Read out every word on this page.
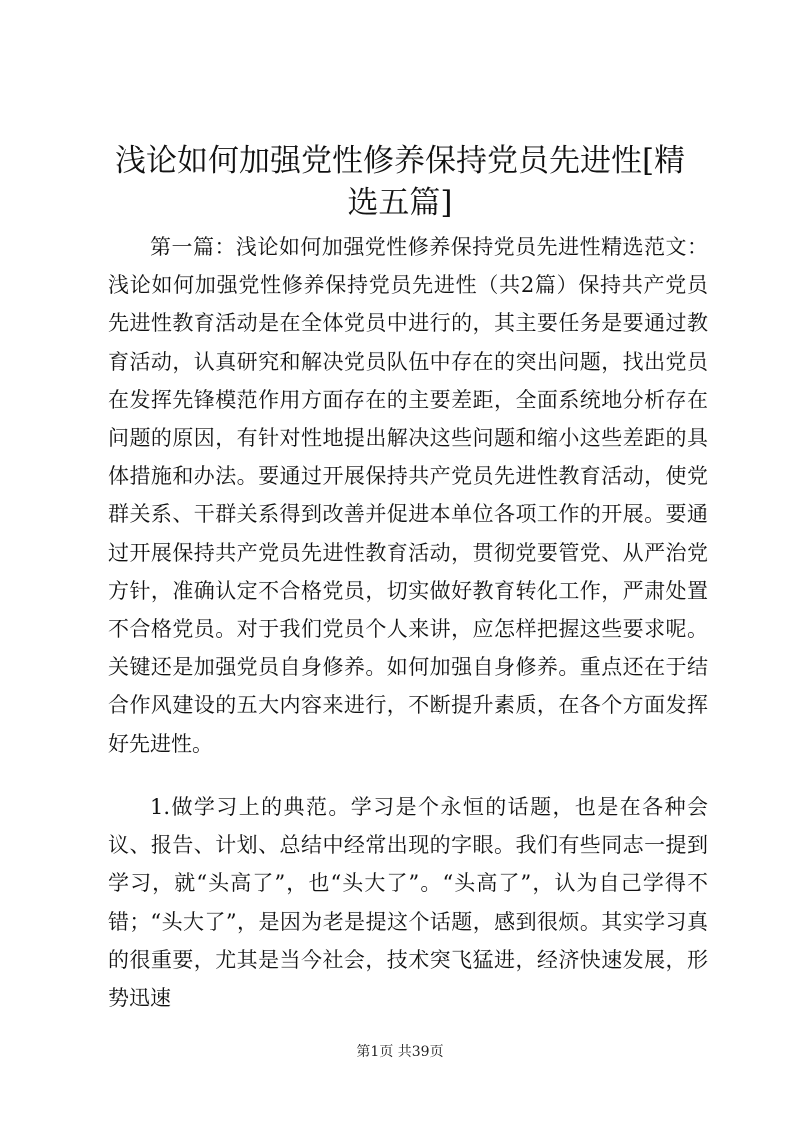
浅论如何加强党性修养保持党员先进性[精选五篇]

第一篇：浅论如何加强党性修养保持党员先进性精选范文：浅论如何加强党性修养保持党员先进性（共2篇）保持共产党员先进性教育活动是在全体党员中进行的，其主要任务是要通过教育活动，认真研究和解决党员队伍中存在的突出问题，找出党员在发挥先锋模范作用方面存在的主要差距，全面系统地分析存在问题的原因，有针对性地提出解决这些问题和缩小这些差距的具体措施和办法。要通过开展保持共产党员先进性教育活动，使党群关系、干群关系得到改善并促进本单位各项工作的开展。要通过开展保持共产党员先进性教育活动，贯彻党要管党、从严治党方针，准确认定不合格党员，切实做好教育转化工作，严肃处置不合格党员。对于我们党员个人来讲，应怎样把握这些要求呢。关键还是加强党员自身修养。如何加强自身修养。重点还在于结合作风建设的五大内容来进行，不断提升素质，在各个方面发挥好先进性。

1.做学习上的典范。学习是个永恒的话题，也是在各种会议、报告、计划、总结中经常出现的字眼。我们有些同志一提到学习，就“头高了”，也“头大了”。“头高了”，认为自己学得不错；“头大了”，是因为老是提这个话题，感到很烦。其实学习真的很重要，尤其是当今社会，技术突飞猛进，经济快速发展，形势迅速

第1页 共39页
